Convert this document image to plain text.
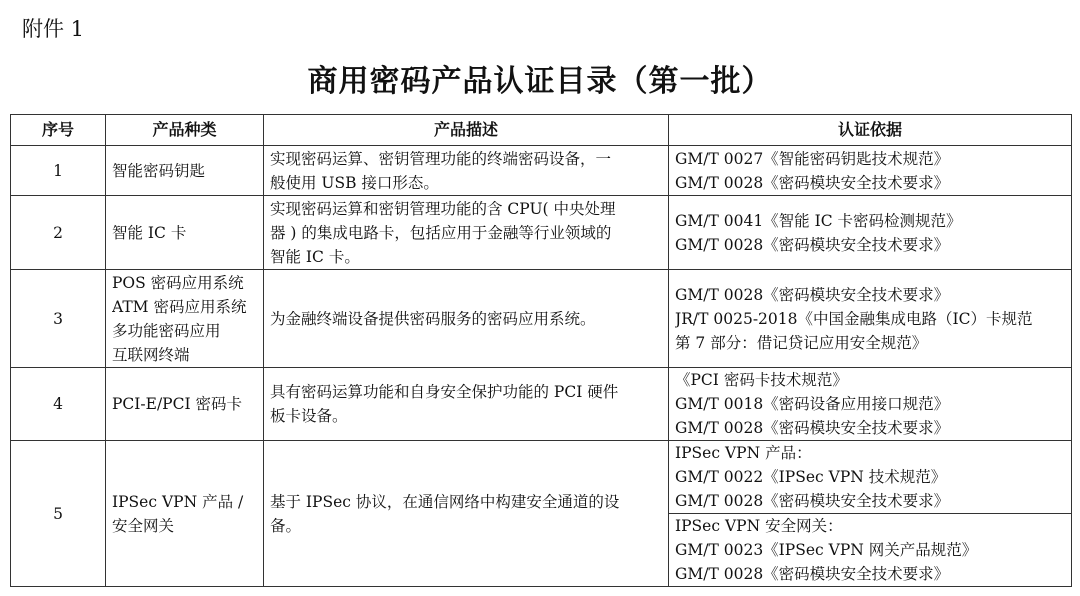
附件 1
商用密码产品认证目录（第一批）
序号	产品种类	产品描述	认证依据
1	智能密码钥匙	实现密码运算、密钥管理功能的终端密码设备，一
般使用 USB 接口形态。	GM/T 0027《智能密码钥匙技术规范》
GM/T 0028《密码模块安全技术要求》

2	智能 IC 卡	实现密码运算和密钥管理功能的含 CPU( 中央处理
器 ) 的集成电路卡，包括应用于金融等行业领域的
智能 IC 卡。	GM/T 0041《智能 IC 卡密码检测规范》
GM/T 0028《密码模块安全技术要求》

3	POS 密码应用系统
ATM 密码应用系统
多功能密码应用
互联网终端	为金融终端设备提供密码服务的密码应用系统。	GM/T 0028《密码模块安全技术要求》
JR/T 0025-2018《中国金融集成电路（IC）卡规范
第 7 部分：借记贷记应用安全规范》

4	PCI-E/PCI 密码卡	具有密码运算功能和自身安全保护功能的 PCI 硬件
板卡设备。	《PCI 密码卡技术规范》
GM/T 0018《密码设备应用接口规范》
GM/T 0028《密码模块安全技术要求》

5	IPSec VPN 产品 /
安全网关	基于 IPSec 协议，在通信网络中构建安全通道的设
备。	IPSec VPN 产品：
GM/T 0022《IPSec VPN 技术规范》
GM/T 0028《密码模块安全技术要求》

			IPSec VPN 安全网关：
GM/T 0023《IPSec VPN 网关产品规范》
GM/T 0028《密码模块安全技术要求》
